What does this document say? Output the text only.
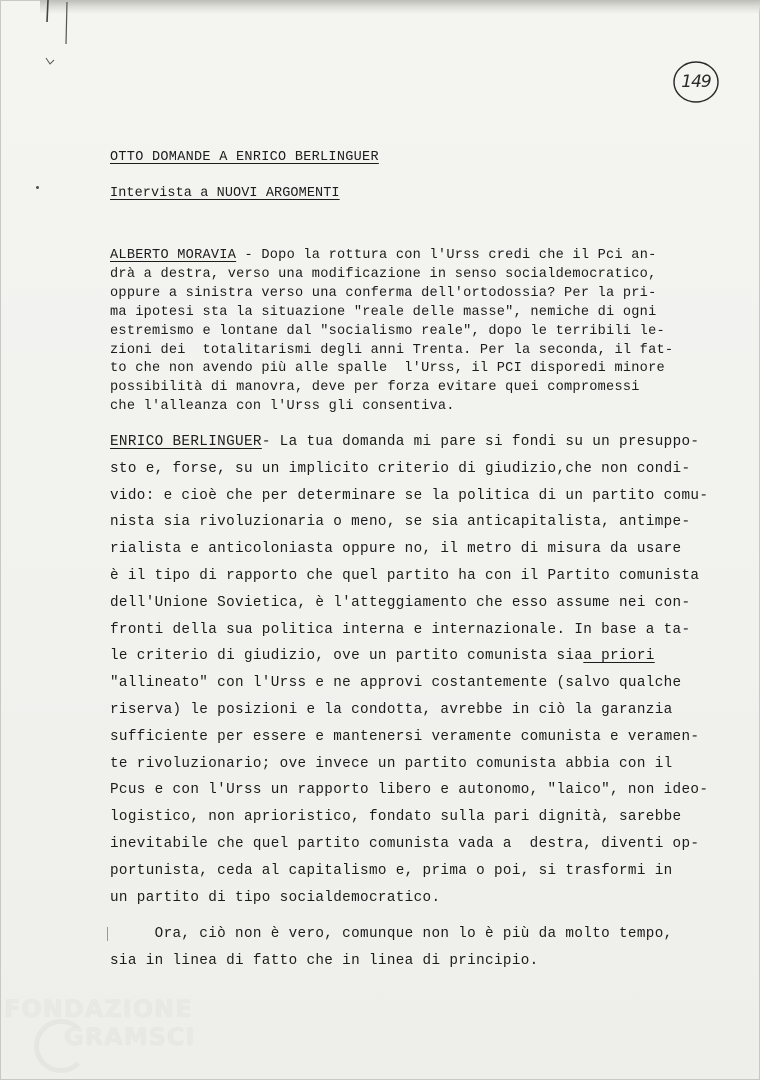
149
OTTO DOMANDE A ENRICO BERLINGUER
Intervista a NUOVI ARGOMENTI
ALBERTO MORAVIA - Dopo la rottura con l'Urss credi che il Pci an-
drà a destra, verso una modificazione in senso socialdemocratico,
oppure a sinistra verso una conferma dell'ortodossia? Per la pri-
ma ipotesi sta la situazione "reale delle masse", nemiche di ogni
estremismo e lontane dal "socialismo reale", dopo le terribili le-
zioni dei  totalitarismi degli anni Trenta. Per la seconda, il fat-
to che non avendo più alle spalle  l'Urss, il PCI disporedi minore
possibilità di manovra, deve per forza evitare quei compromessi
che l'alleanza con l'Urss gli consentiva.
ENRICO BERLINGUER- La tua domanda mi pare si fondi su un presuppo-
sto e, forse, su un implicito criterio di giudizio,che non condi-
vido: e cioè che per determinare se la politica di un partito comu-
nista sia rivoluzionaria o meno, se sia anticapitalista, antimpe-
rialista e anticoloniasta oppure no, il metro di misura da usare
è il tipo di rapporto che quel partito ha con il Partito comunista
dell'Unione Sovietica, è l'atteggiamento che esso assume nei con-
fronti della sua politica interna e internazionale. In base a ta-
le criterio di giudizio, ove un partito comunista siaa priori
"allineato" con l'Urss e ne approvi costantemente (salvo qualche
riserva) le posizioni e la condotta, avrebbe in ciò la garanzia
sufficiente per essere e mantenersi veramente comunista e veramen-
te rivoluzionario; ove invece un partito comunista abbia con il
Pcus e con l'Urss un rapporto libero e autonomo, "laico", non ideo-
logistico, non aprioristico, fondato sulla pari dignità, sarebbe
inevitabile che quel partito comunista vada a  destra, diventi op-
portunista, ceda al capitalismo e, prima o poi, si trasformi in
un partito di tipo socialdemocratico.
Ora, ciò non è vero, comunque non lo è più da molto tempo,
sia in linea di fatto che in linea di principio.
FONDAZIONE
GRAMSCI
